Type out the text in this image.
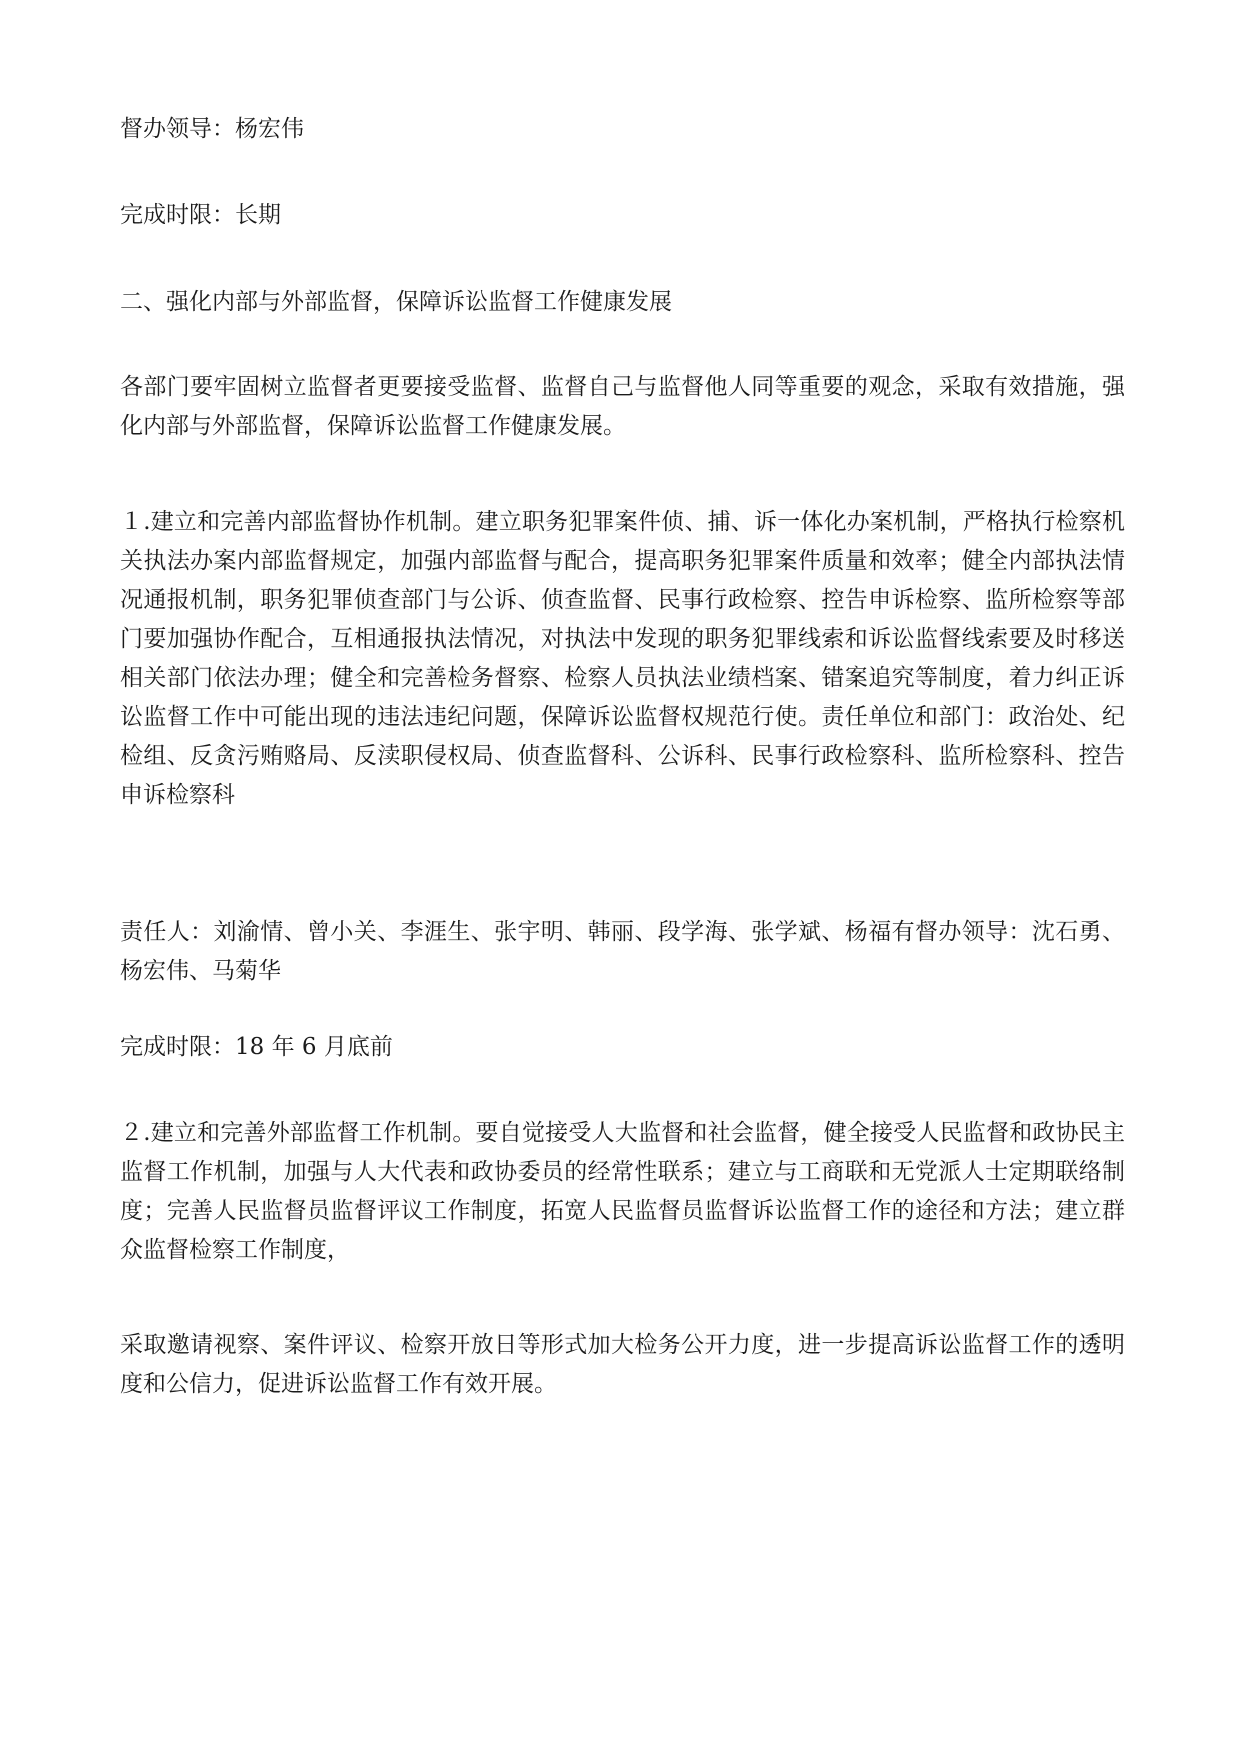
督办领导：杨宏伟
完成时限：长期
二、强化内部与外部监督，保障诉讼监督工作健康发展
各部门要牢固树立监督者更要接受监督、监督自己与监督他人同等重要的观念，采取有效措施，强化内部与外部监督，保障诉讼监督工作健康发展。
１.建立和完善内部监督协作机制。建立职务犯罪案件侦、捕、诉一体化办案机制，严格执行检察机关执法办案内部监督规定，加强内部监督与配合，提高职务犯罪案件质量和效率；健全内部执法情况通报机制，职务犯罪侦查部门与公诉、侦查监督、民事行政检察、控告申诉检察、监所检察等部门要加强协作配合，互相通报执法情况，对执法中发现的职务犯罪线索和诉讼监督线索要及时移送相关部门依法办理；健全和完善检务督察、检察人员执法业绩档案、错案追究等制度，着力纠正诉讼监督工作中可能出现的违法违纪问题，保障诉讼监督权规范行使。责任单位和部门：政治处、纪检组、反贪污贿赂局、反渎职侵权局、侦查监督科、公诉科、民事行政检察科、监所检察科、控告申诉检察科
责任人：刘渝情、曾小关、李涯生、张宇明、韩丽、段学海、张学斌、杨福有督办领导：沈石勇、杨宏伟、马菊华
完成时限：18 年 6 月底前
２.建立和完善外部监督工作机制。要自觉接受人大监督和社会监督，健全接受人民监督和政协民主监督工作机制，加强与人大代表和政协委员的经常性联系；建立与工商联和无党派人士定期联络制度；完善人民监督员监督评议工作制度，拓宽人民监督员监督诉讼监督工作的途径和方法；建立群众监督检察工作制度，
采取邀请视察、案件评议、检察开放日等形式加大检务公开力度，进一步提高诉讼监督工作的透明度和公信力，促进诉讼监督工作有效开展。
